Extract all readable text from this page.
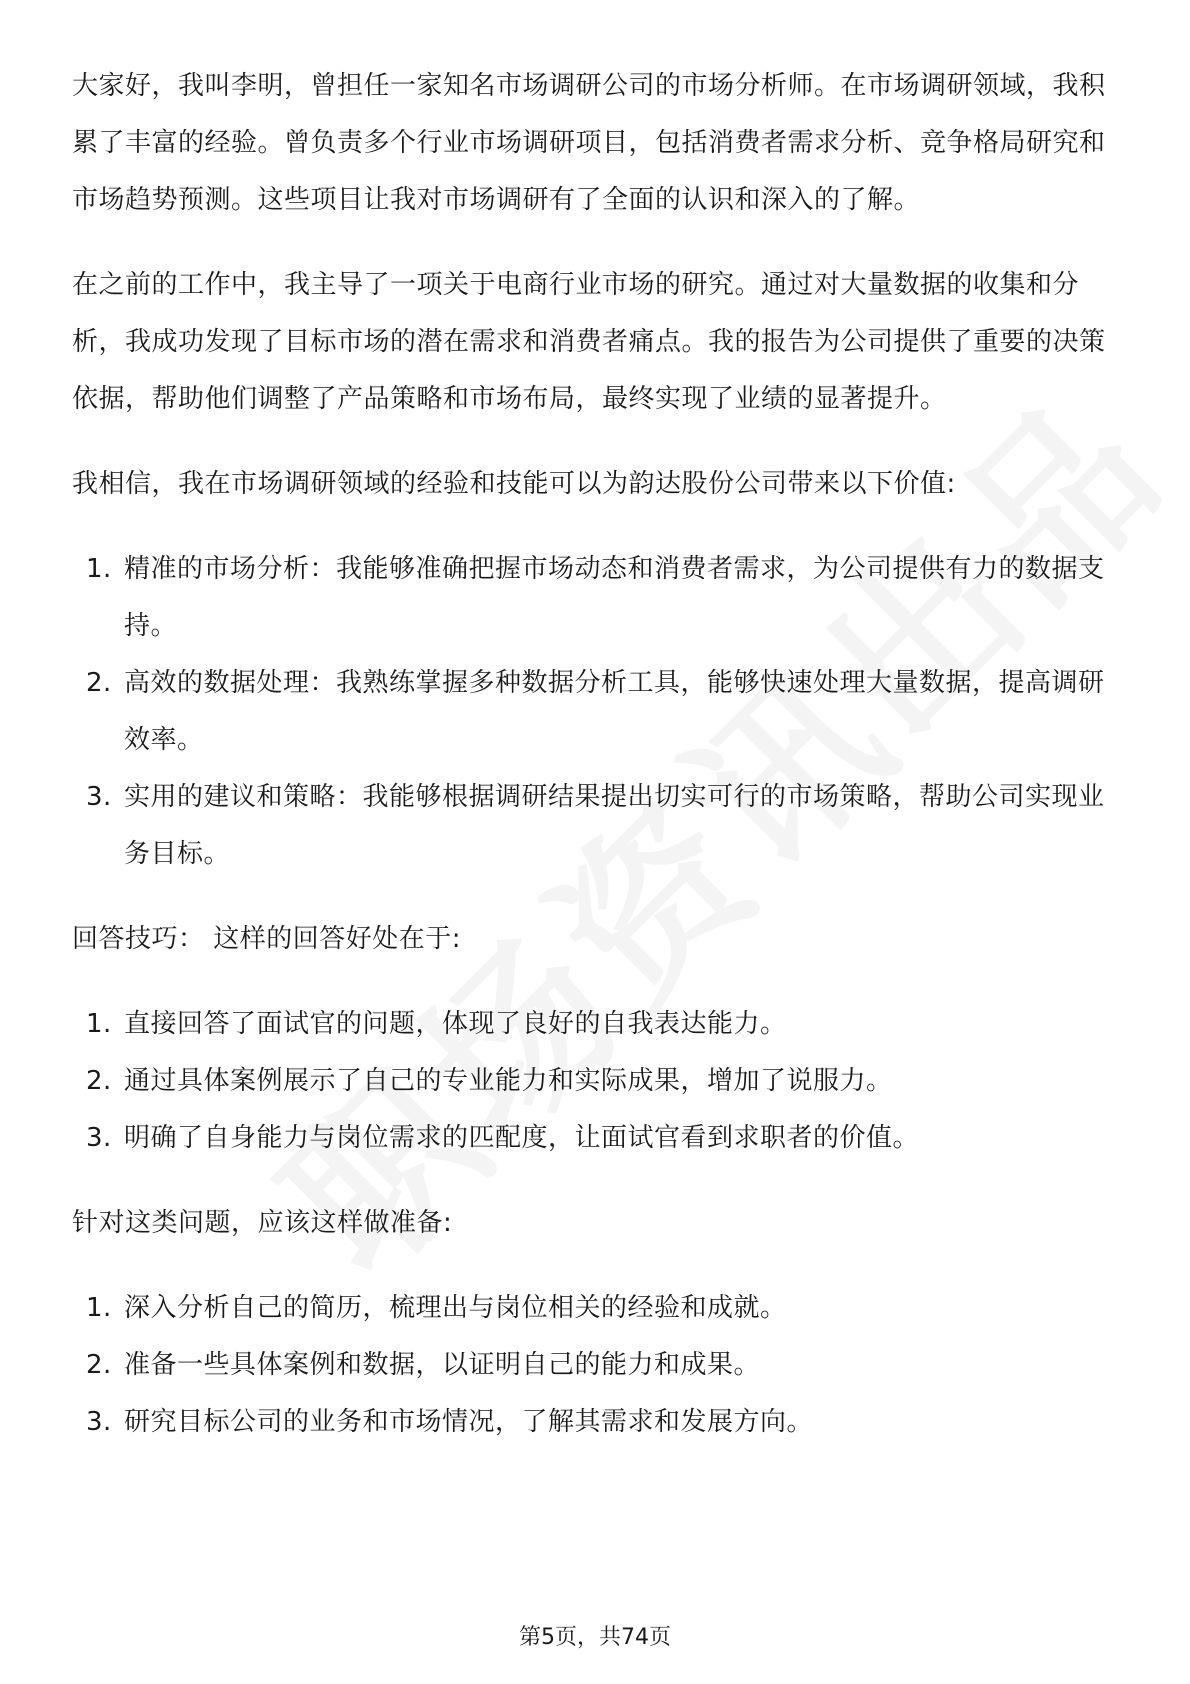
大家好，我叫李明，曾担任一家知名市场调研公司的市场分析师。在市场调研领域，我积累了丰富的经验。曾负责多个行业市场调研项目，包括消费者需求分析、竞争格局研究和市场趋势预测。这些项目让我对市场调研有了全面的认识和深入的了解。

在之前的工作中，我主导了一项关于电商行业市场的研究。通过对大量数据的收集和分析，我成功发现了目标市场的潜在需求和消费者痛点。我的报告为公司提供了重要的决策依据，帮助他们调整了产品策略和市场布局，最终实现了业绩的显著提升。

我相信，我在市场调研领域的经验和技能可以为韵达股份公司带来以下价值:

1. 精准的市场分析：我能够准确把握市场动态和消费者需求，为公司提供有力的数据支持。
2. 高效的数据处理：我熟练掌握多种数据分析工具，能够快速处理大量数据，提高调研效率。
3. 实用的建议和策略：我能够根据调研结果提出切实可行的市场策略，帮助公司实现业务目标。

回答技巧： 这样的回答好处在于:

1. 直接回答了面试官的问题，体现了良好的自我表达能力。
2. 通过具体案例展示了自己的专业能力和实际成果，增加了说服力。
3. 明确了自身能力与岗位需求的匹配度，让面试官看到求职者的价值。

针对这类问题，应该这样做准备:

1. 深入分析自己的简历，梳理出与岗位相关的经验和成就。
2. 准备一些具体案例和数据，以证明自己的能力和成果。
3. 研究目标公司的业务和市场情况，了解其需求和发展方向。
第5页，共74页
